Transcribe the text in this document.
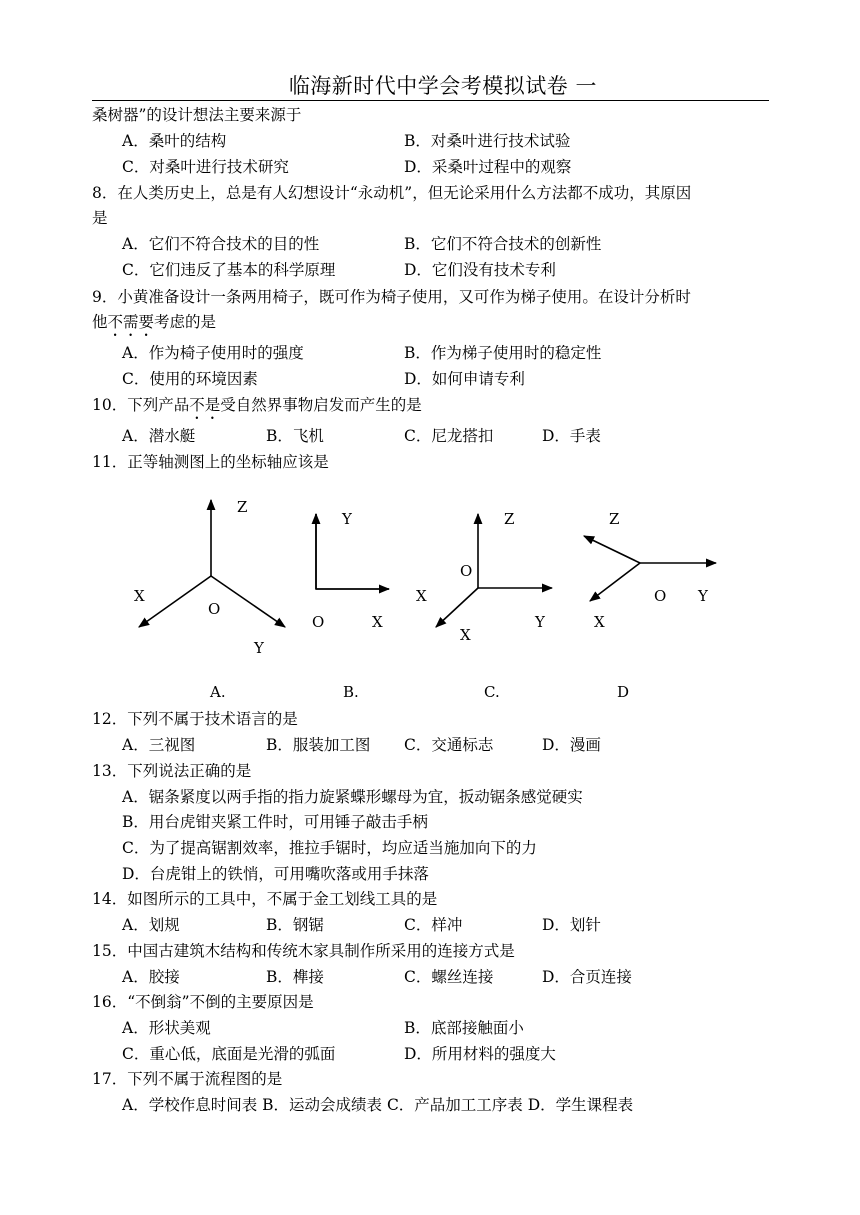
临海新时代中学会考模拟试卷 一
桑树器”的设计想法主要来源于
A．桑叶的结构	B．对桑叶进行技术试验
C．对桑叶进行技术研究	D．采桑叶过程中的观察
8．在人类历史上，总是有人幻想设计“永动机”，但无论采用什么方法都不成功，其原因
是
A．它们不符合技术的目的性	B．它们不符合技术的创新性
C．它们违反了基本的科学原理	D．它们没有技术专利
9．小黄准备设计一条两用椅子，既可作为椅子使用，又可作为梯子使用。在设计分析时
他不需要考虑的是
A．作为椅子使用时的强度	B．作为梯子使用时的稳定性
C．使用的环境因素	D．如何申请专利
10．下列产品不是受自然界事物启发而产生的是
A．潜水艇	B．飞机	C．尼龙搭扣	D．手表
11．正等轴测图上的坐标轴应该是
Z
X
O
Y
Y
O	X
Z
O
X
Y
X
Z
O Y
X
A.	B.	C.	D
12．下列不属于技术语言的是
A．三视图	B．服装加工图 C．交通标志	D．漫画
13．下列说法正确的是
A．锯条紧度以两手指的指力旋紧蝶形螺母为宜，扳动锯条感觉硬实
B．用台虎钳夹紧工件时，可用锤子敲击手柄
C．为了提高锯割效率，推拉手锯时，均应适当施加向下的力
D．台虎钳上的铁悄，可用嘴吹落或用手抹落
14．如图所示的工具中，不属于金工划线工具的是
A．划规	B．钢锯	C．样冲	D．划针
15．中国古建筑木结构和传统木家具制作所采用的连接方式是
A．胶接	B．榫接	C．螺丝连接	D．合页连接
16．“不倒翁”不倒的主要原因是
A．形状美观	B．底部接触面小
C．重心低，底面是光滑的弧面	D．所用材料的强度大
17．下列不属于流程图的是
A．学校作息时间表 B．运动会成绩表 C．产品加工工序表 D．学生课程表
